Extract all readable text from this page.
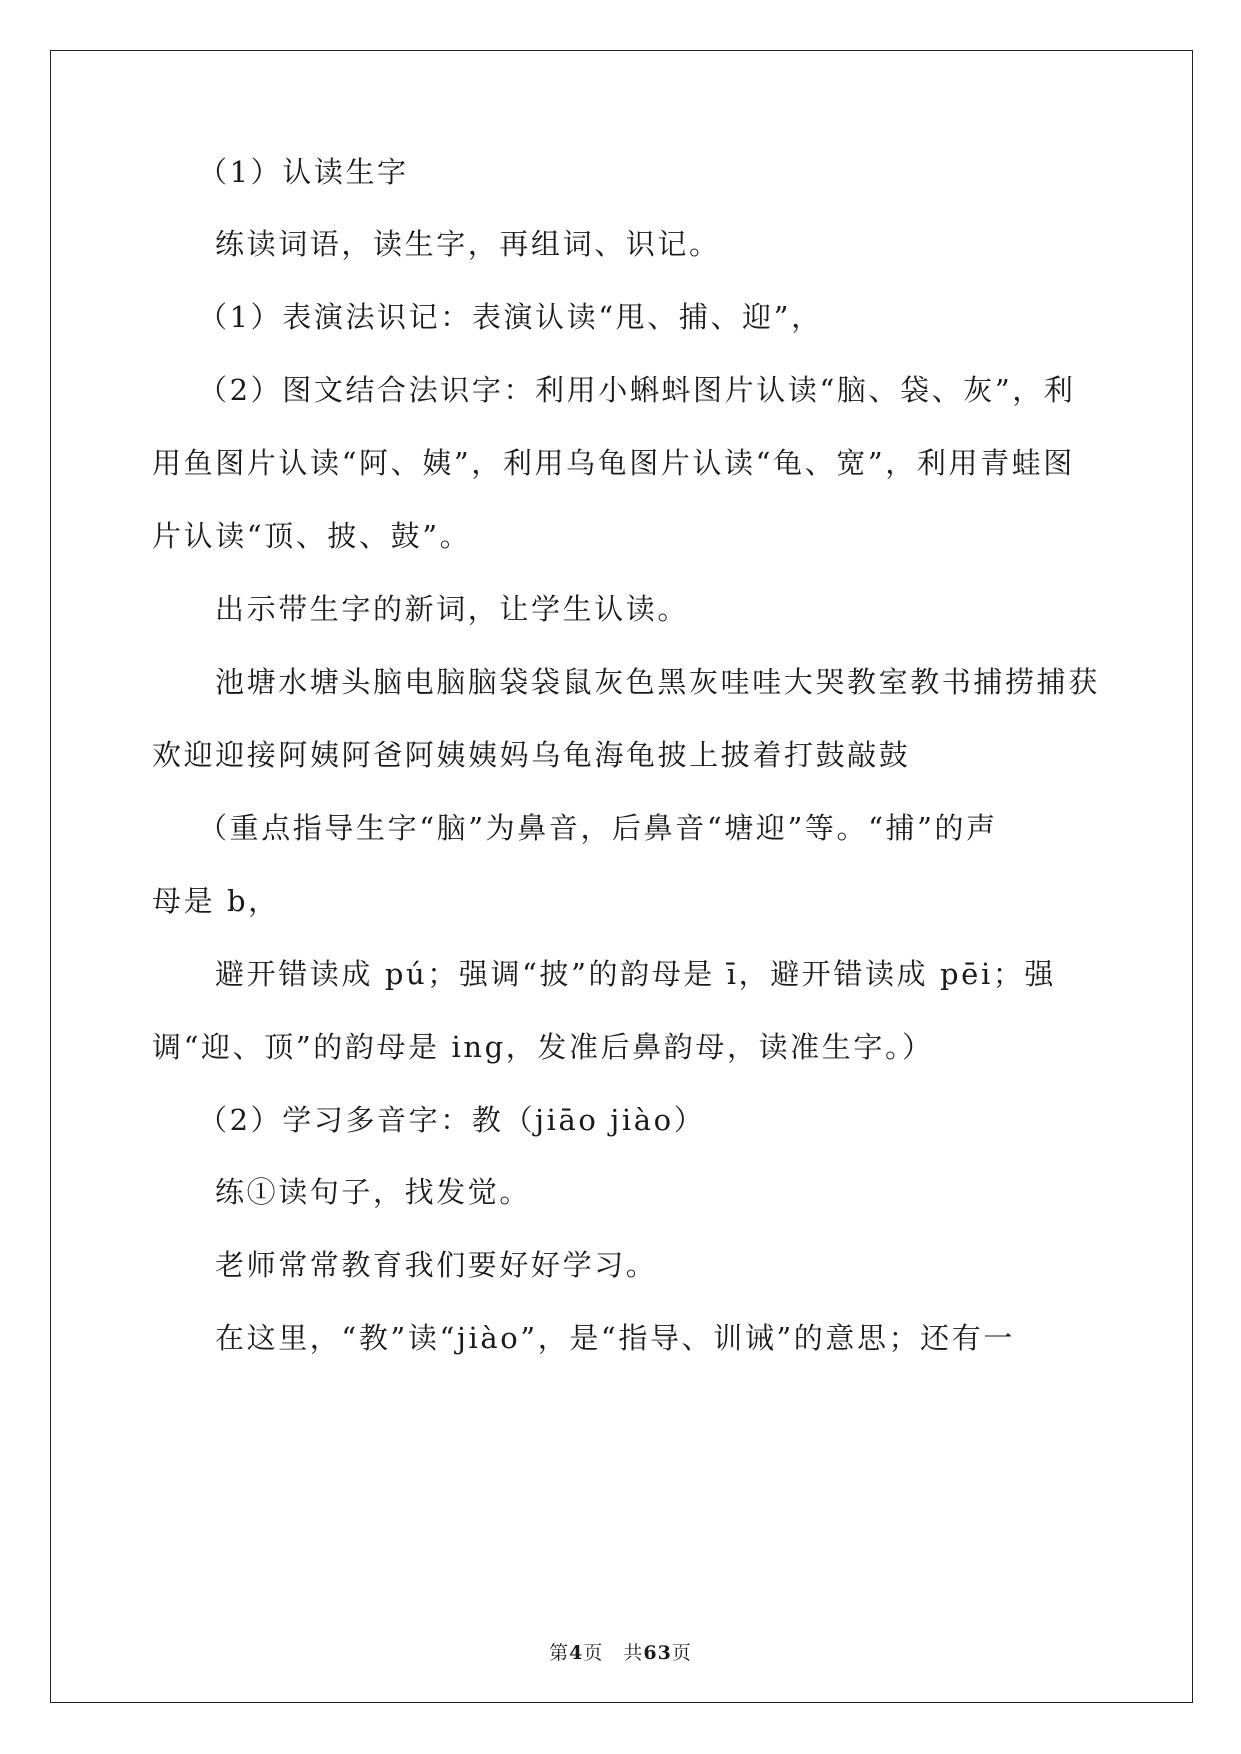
（1）认读生字
练读词语，读生字，再组词、识记。
（1）表演法识记：表演认读“甩、捕、迎”，
（2）图文结合法识字：利用小蝌蚪图片认读“脑、袋、灰”，利
用鱼图片认读“阿、姨”，利用乌龟图片认读“龟、宽”，利用青蛙图
片认读“顶、披、鼓”。
出示带生字的新词，让学生认读。
池塘水塘头脑电脑脑袋袋鼠灰色黑灰哇哇大哭教室教书捕捞捕获
欢迎迎接阿姨阿爸阿姨姨妈乌龟海龟披上披着打鼓敲鼓
（重点指导生字“脑”为鼻音，后鼻音“塘迎”等。“捕”的声
母是 b，
避开错读成 pú；强调“披”的韵母是 ī，避开错读成 pēi；强
调“迎、顶”的韵母是 ing，发准后鼻韵母，读准生字。）
（2）学习多音字：教（jiāo jiào）
练①读句子，找发觉。
老师常常教育我们要好好学习。
在这里，“教”读“jiào”，是“指导、训诫”的意思；还有一
第4页　共63页
